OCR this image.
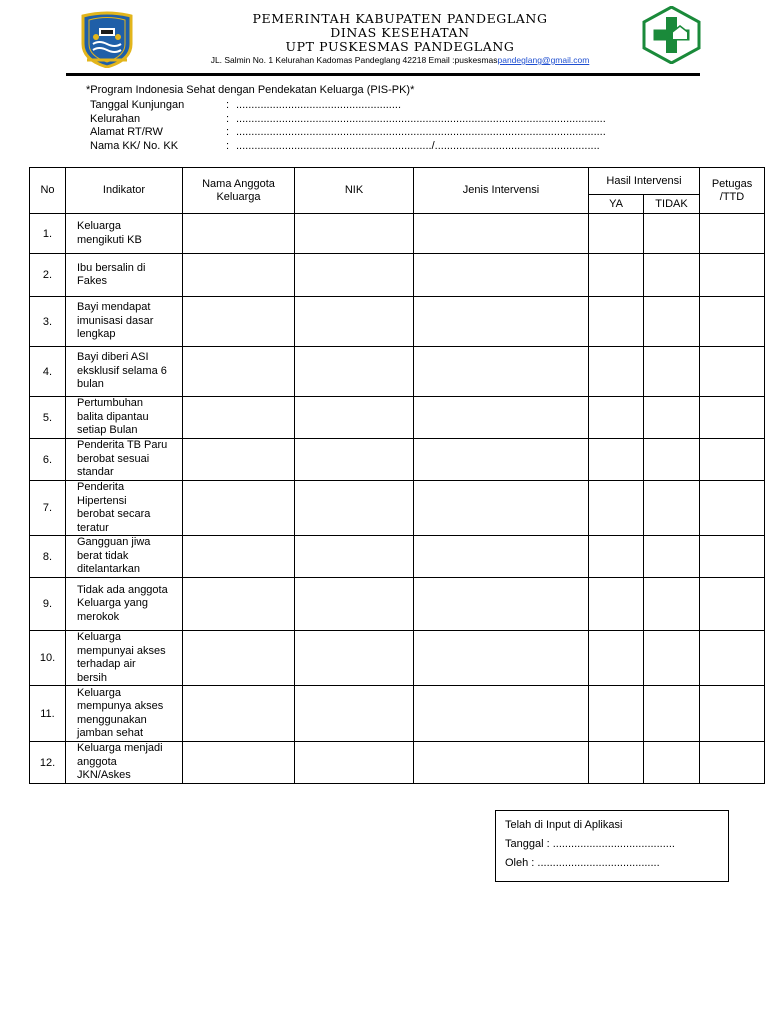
PEMERINTAH KABUPATEN PANDEGLANG
DINAS KESEHATAN
UPT PUSKESMAS PANDEGLANG
JL. Salmin No. 1 Kelurahan Kadomas Pandeglang 42218 Email :puskesmaspandeglang@gmail.com
*Program Indonesia Sehat dengan Pendekatan Keluarga (PIS-PK)*
Tanggal Kunjungan	: ......................................................
Kelurahan	: .........................................................................................................................
Alamat RT/RW	: .........................................................................................................................
Nama KK/ No. KK	: ................................................................/......................................................
No	Indikator	Nama Anggota Keluarga	NIK	Jenis Intervensi	Hasil Intervensi		Petugas /TTD
					YA	TIDAK	
1.	Keluarga
mengikuti KB						
2.	Ibu bersalin di
Fakes						
3.	Bayi mendapat
imunisasi dasar
lengkap						
4.	Bayi diberi ASI
eksklusif selama 6
bulan						
5.	Pertumbuhan
balita dipantau
setiap Bulan						
6.	Penderita TB Paru
berobat sesuai
standar						
7.	Penderita
Hipertensi
berobat secara
teratur						
8.	Gangguan jiwa
berat tidak
ditelantarkan						
9.	Tidak ada anggota
Keluarga yang
merokok						
10.	Keluarga
mempunyai akses
terhadap air
bersih						
11.	Keluarga
mempunya akses
menggunakan
jamban sehat						
12.	Keluarga menjadi
anggota
JKN/Askes						
Telah di Input di Aplikasi
Tanggal : ........................................
Oleh : ........................................
